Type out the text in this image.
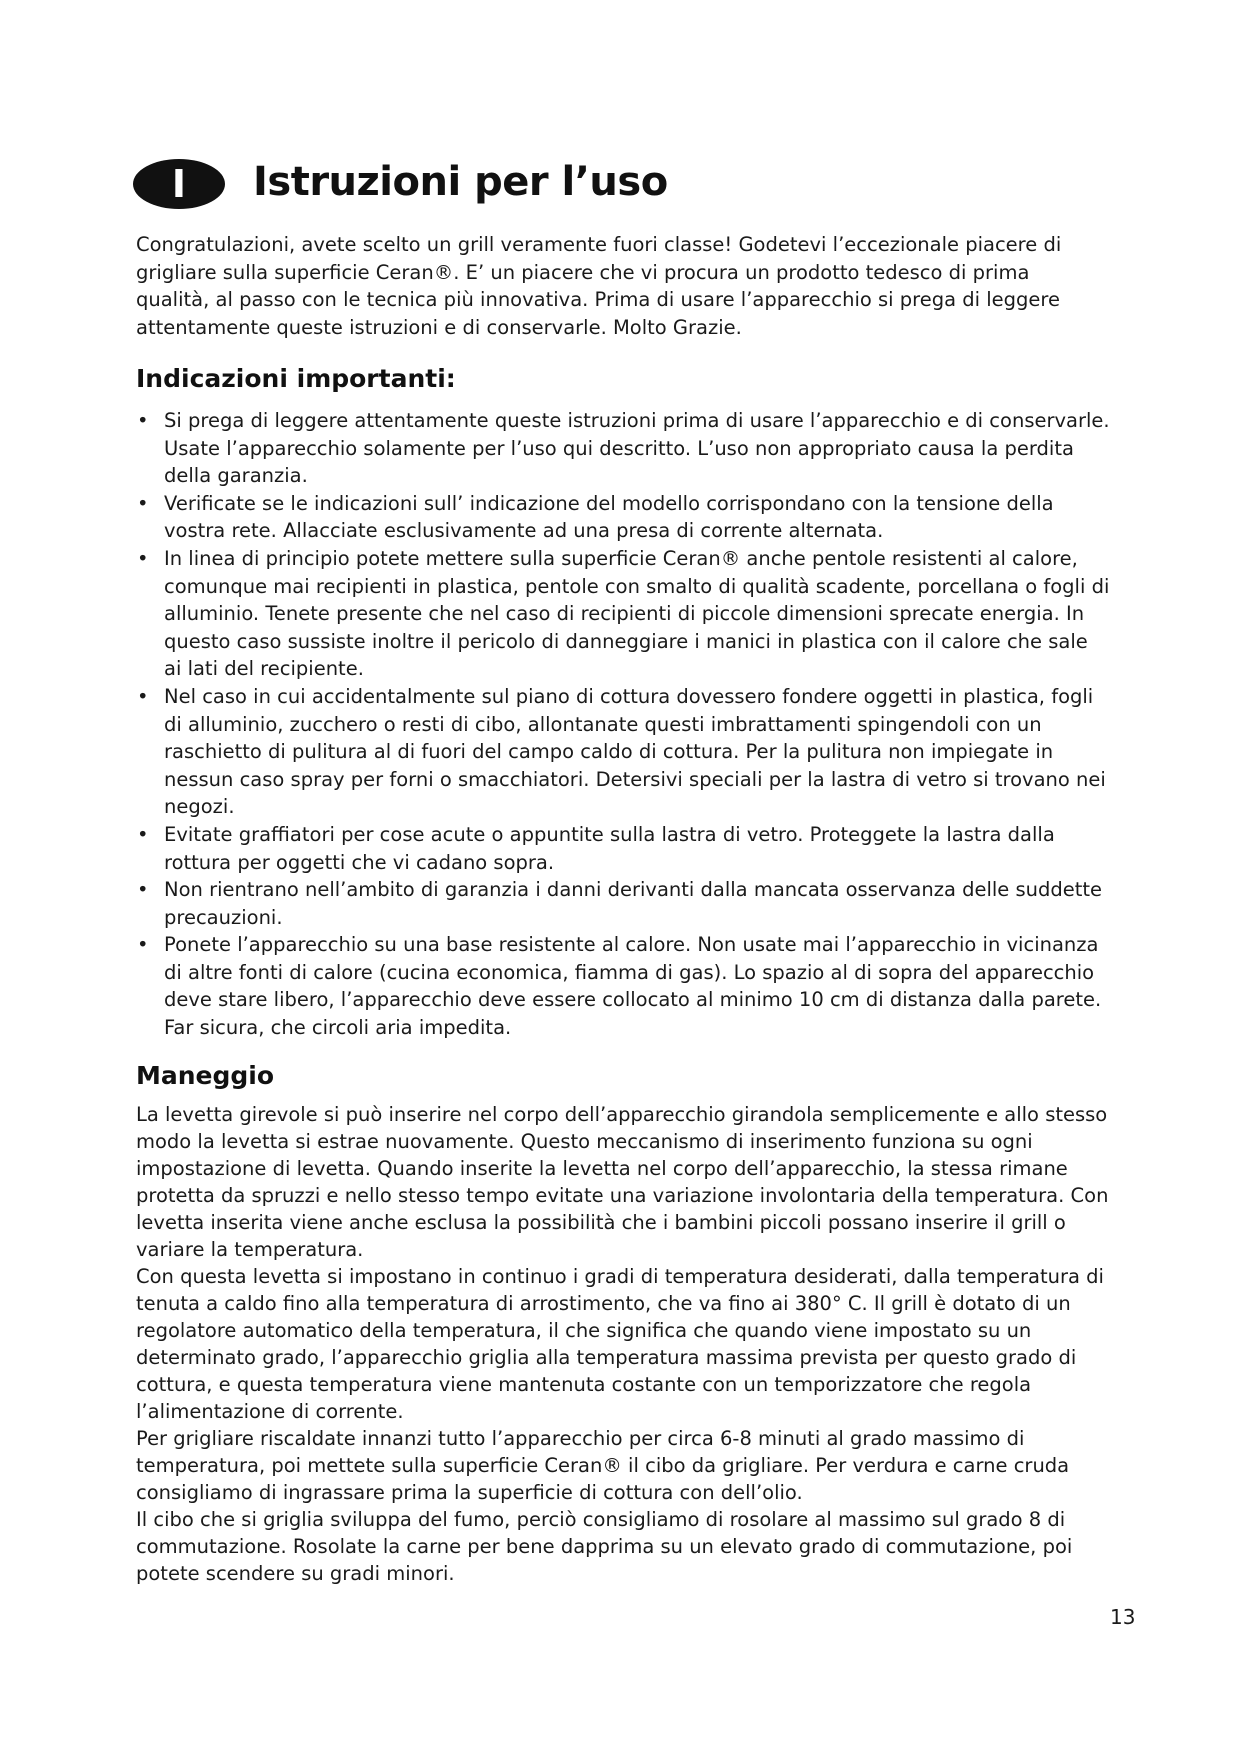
I	Istruzioni per l’uso

Congratulazioni, avete scelto un grill veramente fuori classe! Godetevi l’eccezionale piacere di grigliare sulla superficie Ceran®. E’ un piacere che vi procura un prodotto tedesco di prima qualità, al passo con le tecnica più innovativa. Prima di usare l’apparecchio si prega di leggere attentamente queste istruzioni e di conservarle. Molto Grazie.

Indicazioni importanti:
• Si prega di leggere attentamente queste istruzioni prima di usare l’apparecchio e di conservarle. Usate l’apparecchio solamente per l’uso qui descritto. L’uso non appropriato causa la perdita della garanzia.
• Verificate se le indicazioni sull’ indicazione del modello corrispondano con la tensione della vostra rete. Allacciate esclusivamente ad una presa di corrente alternata.
• In linea di principio potete mettere sulla superficie Ceran® anche pentole resistenti al calore, comunque mai recipienti in plastica, pentole con smalto di qualità scadente, porcellana o fogli di alluminio. Tenete presente che nel caso di recipienti di piccole dimensioni sprecate energia. In questo caso sussiste inoltre il pericolo di danneggiare i manici in plastica con il calore che sale ai lati del recipiente.
• Nel caso in cui accidentalmente sul piano di cottura dovessero fondere oggetti in plastica, fogli di alluminio, zucchero o resti di cibo, allontanate questi imbrattamenti spingendoli con un raschietto di pulitura al di fuori del campo caldo di cottura. Per la pulitura non impiegate in nessun caso spray per forni o smacchiatori. Detersivi speciali per la lastra di vetro si trovano nei negozi.
• Evitate graffiatori per cose acute o appuntite sulla lastra di vetro. Proteggete la lastra dalla rottura per oggetti che vi cadano sopra.
• Non rientrano nell’ambito di garanzia i danni derivanti dalla mancata osservanza delle suddette precauzioni.
• Ponete l’apparecchio su una base resistente al calore. Non usate mai l’apparecchio in vicinanza di altre fonti di calore (cucina economica, fiamma di gas). Lo spazio al di sopra del apparecchio deve stare libero, l’apparecchio deve essere collocato al minimo 10 cm di distanza dalla parete. Far sicura, che circoli aria impedita.
Maneggio

La levetta girevole si può inserire nel corpo dell’apparecchio girandola semplicemente e allo stesso modo la levetta si estrae nuovamente. Questo meccanismo di inserimento funziona su ogni impostazione di levetta. Quando inserite la levetta nel corpo dell’apparecchio, la stessa rimane protetta da spruzzi e nello stesso tempo evitate una variazione involontaria della temperatura. Con levetta inserita viene anche esclusa la possibilità che i bambini piccoli possano inserire il grill o variare la temperatura.

Con questa levetta si impostano in continuo i gradi di temperatura desiderati, dalla temperatura di tenuta a caldo fino alla temperatura di arrostimento, che va fino ai 380° C. Il grill è dotato di un regolatore automatico della temperatura, il che significa che quando viene impostato su un determinato grado, l’apparecchio griglia alla temperatura massima prevista per questo grado di cottura, e questa temperatura viene mantenuta costante con un temporizzatore che regola l’alimentazione di corrente.

Per grigliare riscaldate innanzi tutto l’apparecchio per circa 6-8 minuti al grado massimo di temperatura, poi mettete sulla superficie Ceran® il cibo da grigliare. Per verdura e carne cruda consigliamo di ingrassare prima la superficie di cottura con dell’olio.

Il cibo che si griglia sviluppa del fumo, perciò consigliamo di rosolare al massimo sul grado 8 di commutazione. Rosolate la carne per bene dapprima su un elevato grado di commutazione, poi potete scendere su gradi minori.

13
